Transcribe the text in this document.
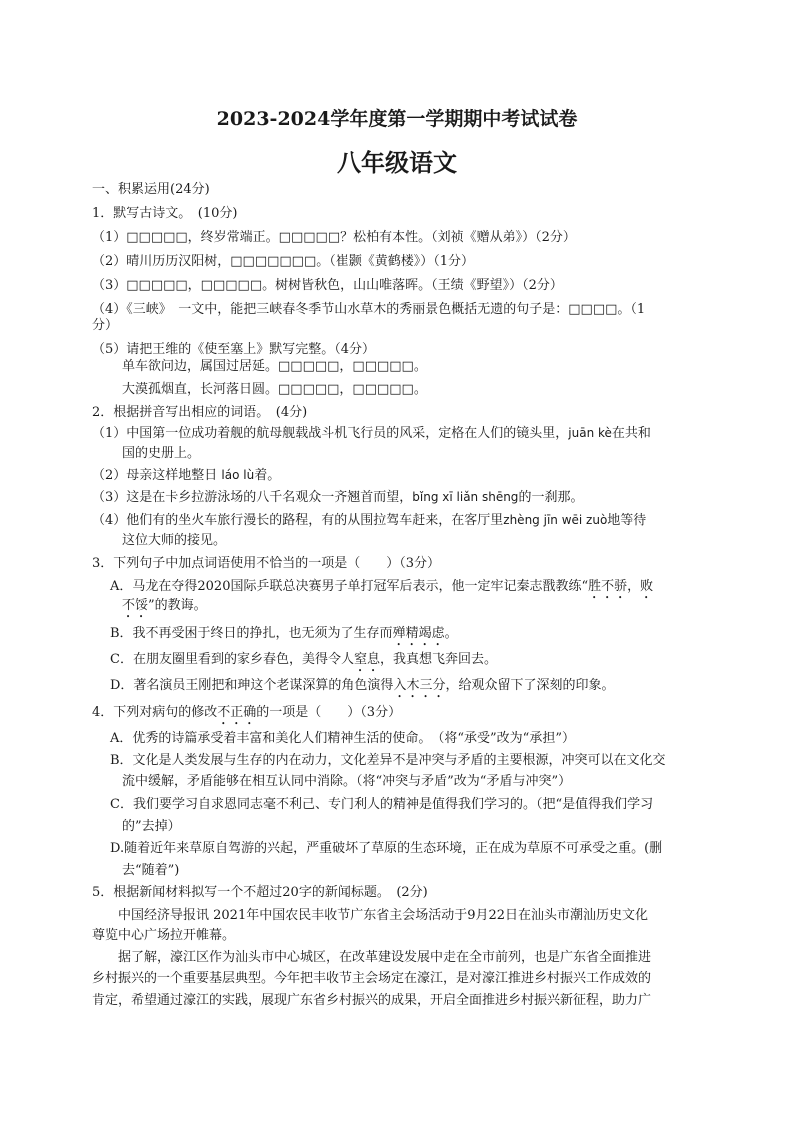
2023-2024学年度第一学期期中考试试卷
八年级语文
一、积累运用(24分)
1．默写古诗文。　(10分)
（1）□□□□□，终岁常端正。□□□□□？松柏有本性。（刘祯《赠从弟》）（2分）
（2）晴川历历汉阳树，□□□□□□□。（崔颢《黄鹤楼》）（1分）
（3）□□□□□，□□□□□。树树皆秋色，山山唯落晖。（王绩《野望》）（2分）
（4）《三峡》　一文中，能把三峡春冬季节山水草木的秀丽景色概括无遗的句子是：□□□□。（1
分）
（5）请把王维的《使至塞上》默写完整。（4分）
单车欲问边，属国过居延。□□□□□，□□□□□。
大漠孤烟直，长河落日圆。□□□□□，□□□□□。
2．根据拼音写出相应的词语。　(4分)
（1）中国第一位成功着舰的航母舰载战斗机飞行员的风采，定格在人们的镜头里，juān kè在共和
国的史册上。
（2）母亲这样地整日 láo lù着。
（3）这是在卡乡拉游泳场的八千名观众一齐翘首而望，bǐng xī liǎn shēng的一刹那。
（4）他们有的坐火车旅行漫长的路程，有的从围拉驾车赶来，在客厅里zhèng jīn wēi zuò地等待
这位大师的接见。
3．下列句子中加点词语使用不恰当的一项是（　　）（3分）
A．马龙在夺得2020国际乒联总决赛男子单打冠军后表示，他一定牢记秦志戬教练“胜不骄，败
不馁”的教诲。
B．我不再受困于终日的挣扎，也无须为了生存而殚精竭虑。
C．在朋友圈里看到的家乡春色，美得令人窒息，我真想飞奔回去。
D．著名演员王刚把和珅这个老谋深算的角色演得入木三分，给观众留下了深刻的印象。
4．下列对病句的修改不正确的一项是（　　）（3分）
A．优秀的诗篇承受着丰富和美化人们精神生活的使命。　（将“承受”改为“承担”）
B．文化是人类发展与生存的内在动力，文化差异不是冲突与矛盾的主要根源，冲突可以在文化交
流中缓解，矛盾能够在相互认同中消除。（将“冲突与矛盾”改为“矛盾与冲突”）
C．我们要学习自求恩同志毫不利己、专门利人的精神是值得我们学习的。（把“是值得我们学习
的”去掉）
D.随着近年来草原自驾游的兴起，严重破坏了草原的生态环境，正在成为草原不可承受之重。(删
去“随着”)
5．根据新闻材料拟写一个不超过20字的新闻标题。　(2分)
中国经济导报讯 2021年中国农民丰收节广东省主会场活动于9月22日在汕头市潮汕历史文化
尊览中心广场拉开帷幕。
据了解，濠江区作为汕头市中心城区，在改革建设发展中走在全市前列，也是广东省全面推进
乡村振兴的一个重要基层典型。今年把丰收节主会场定在濠江，是对濠江推进乡村振兴工作成效的
肯定，希望通过濠江的实践，展现广东省乡村振兴的成果，开启全面推进乡村振兴新征程，助力广
